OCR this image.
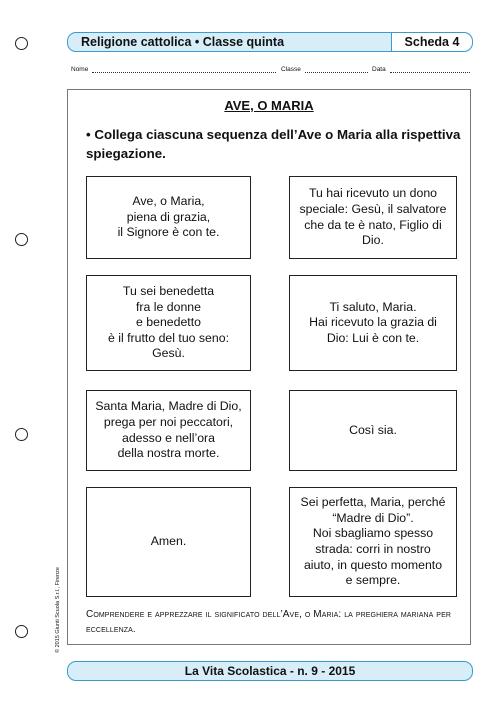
Religione cattolica • Classe quinta	Scheda 4
Nome	Classe	Data
AVE, O MARIA
• Collega ciascuna sequenza dell’Ave o Maria alla rispettiva spiegazione.
Ave, o Maria,
piena di grazia,
il Signore è con te.
Tu sei benedetta
fra le donne
e benedetto
è il frutto del tuo seno:
Gesù.
Santa Maria, Madre di Dio,
prega per noi peccatori,
adesso e nell’ora
della nostra morte.
Amen.
Tu hai ricevuto un dono
speciale: Gesù, il salvatore
che da te è nato, Figlio di
Dio.
Ti saluto, Maria.
Hai ricevuto la grazia di
Dio: Lui è con te.
Così sia.
Sei perfetta, Maria, perché
“Madre di Dio”.
Noi sbagliamo spesso
strada: corri in nostro
aiuto, in questo momento
e sempre.
Comprendere e apprezzare il significato dell’Ave, o Maria: la preghiera mariana per eccellenza.
© 2015 Giunti Scuola S.r.l., Firenze
La Vita Scolastica - n. 9 - 2015
